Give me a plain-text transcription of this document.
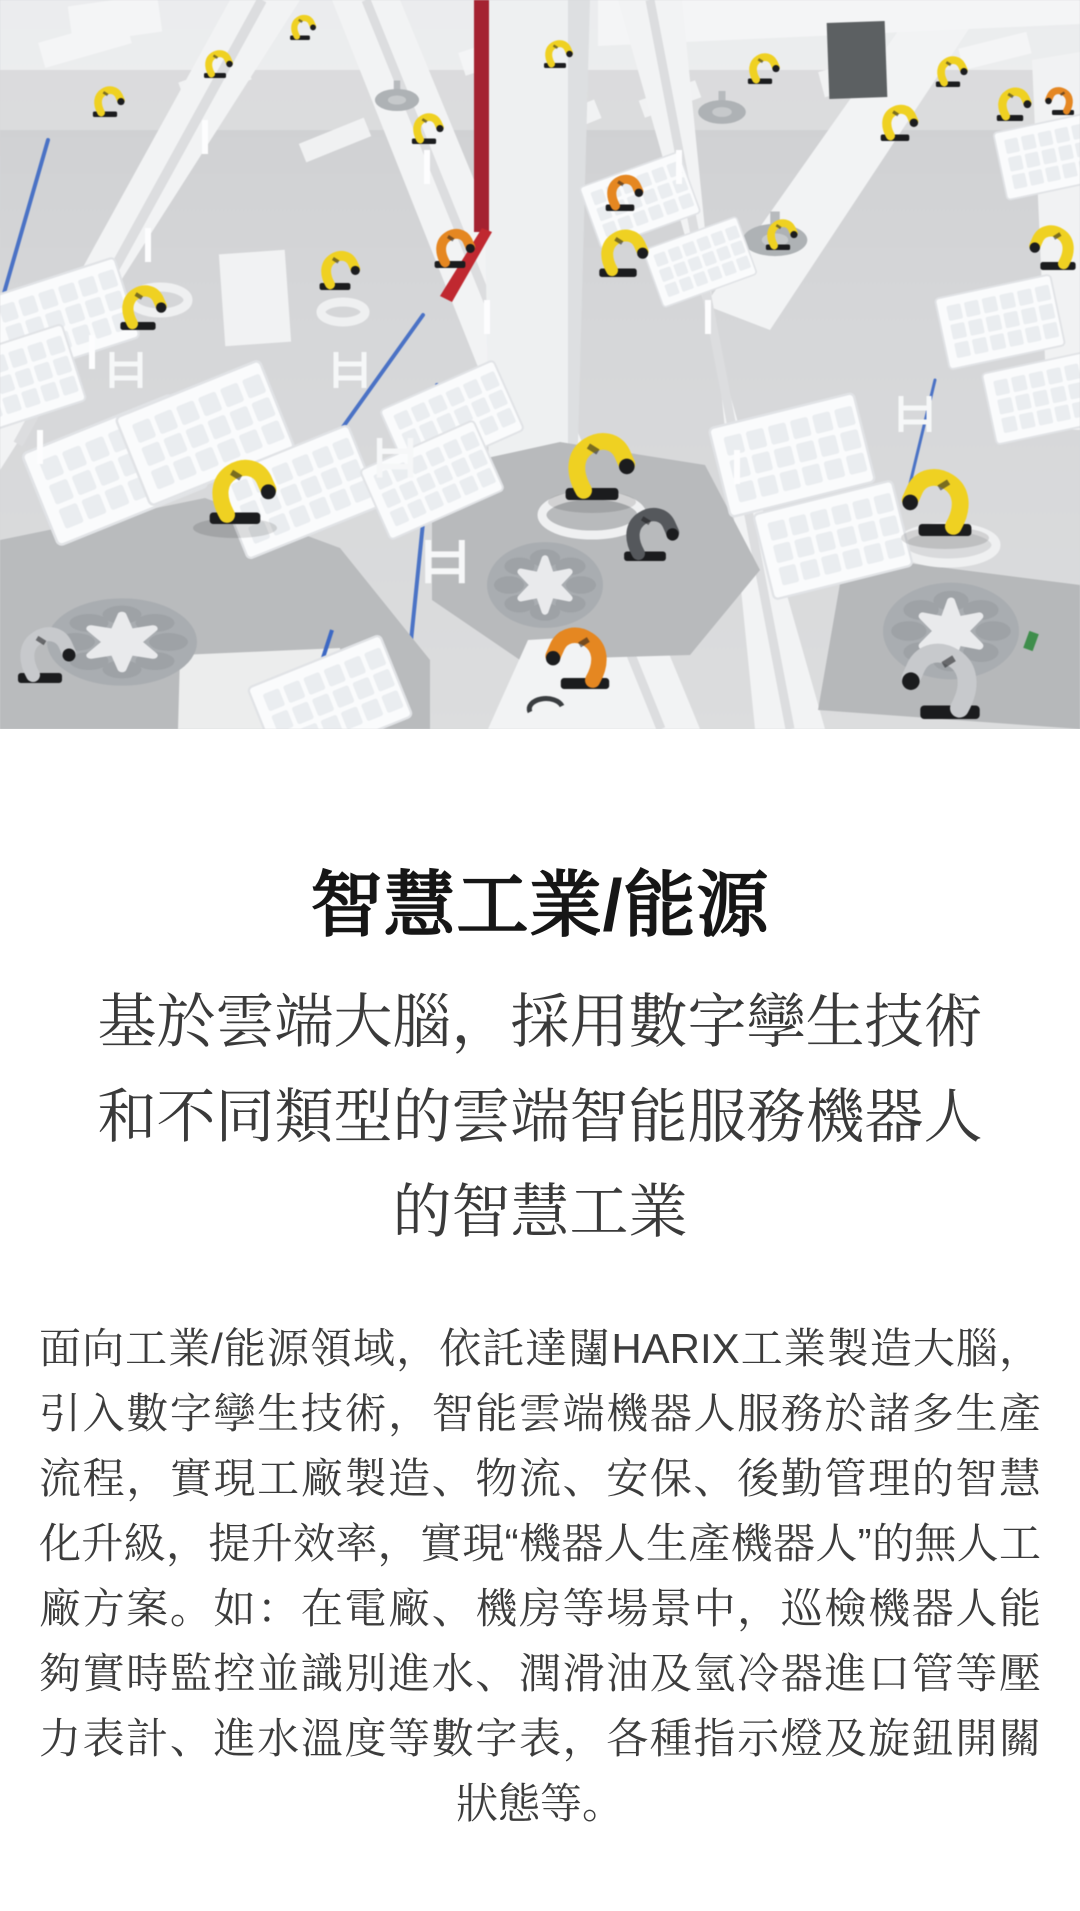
智慧工業/能源
基於雲端大腦，採用數字孿生技術和不同類型的雲端智能服務機器人的智慧工業

面向工業/能源領域，依託達闥HARIX工業製造大腦，引入數字孿生技術，智能雲端機器人服務於諸多生產流程，實現工廠製造、物流、安保、後勤管理的智慧化升級，提升效率，實現“機器人生產機器人”的無人工廠方案。如：在電廠、機房等場景中，巡檢機器人能夠實時監控並識別進水、潤滑油及氫冷器進口管等壓力表計、進水溫度等數字表，各種指示燈及旋鈕開關狀態等。
